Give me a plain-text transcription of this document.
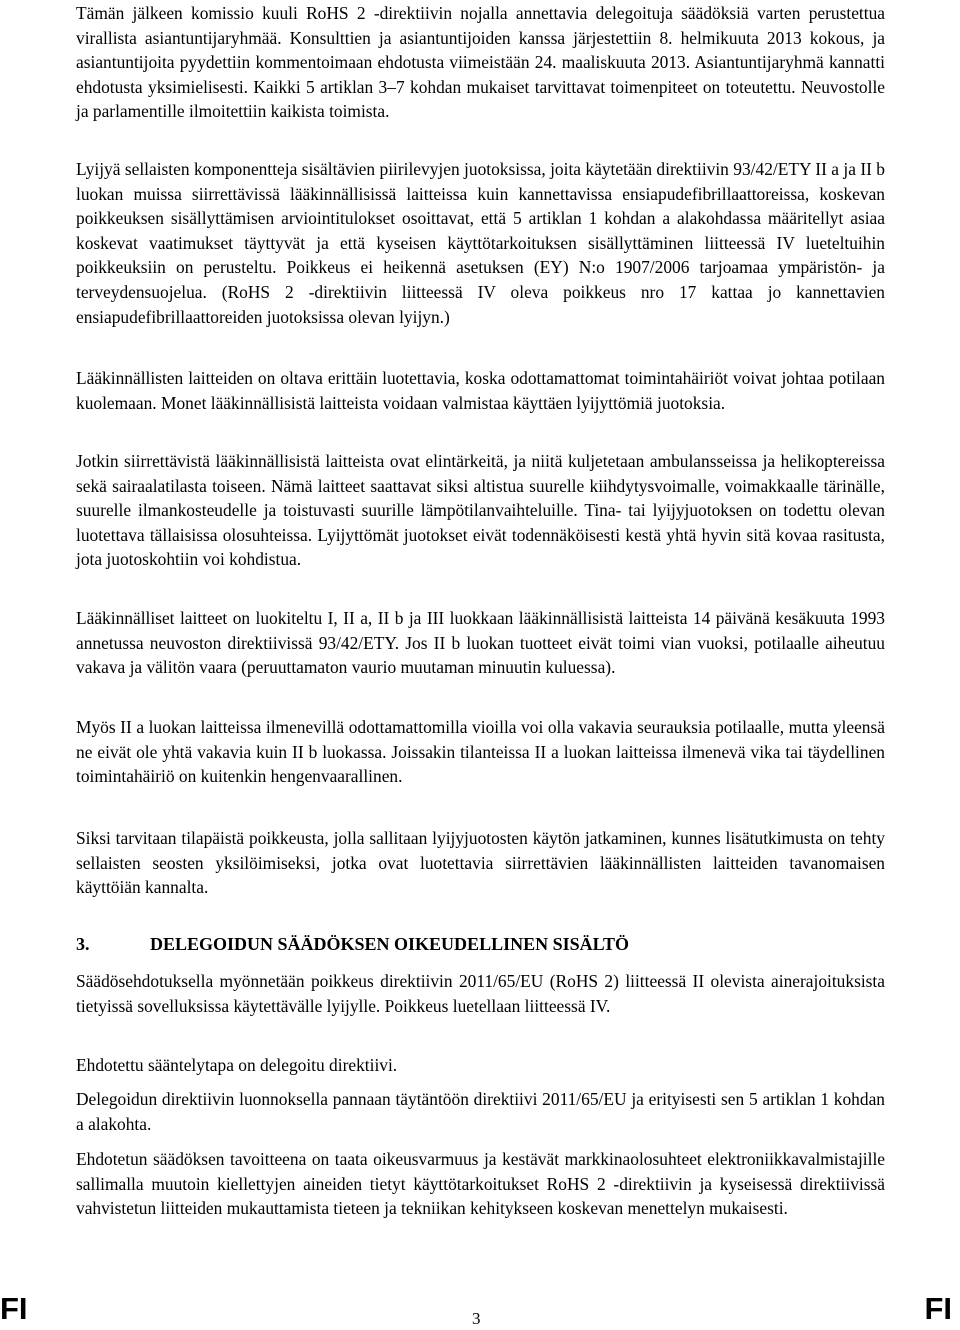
Tämän jälkeen komissio kuuli RoHS 2 -direktiivin nojalla annettavia delegoituja säädöksiä varten perustettua virallista asiantuntijaryhmää. Konsulttien ja asiantuntijoiden kanssa järjestettiin 8. helmikuuta 2013 kokous, ja asiantuntijoita pyydettiin kommentoimaan ehdotusta viimeistään 24. maaliskuuta 2013. Asiantuntijaryhmä kannatti ehdotusta yksimielisesti. Kaikki 5 artiklan 3–7 kohdan mukaiset tarvittavat toimenpiteet on toteutettu. Neuvostolle ja parlamentille ilmoitettiin kaikista toimista.

Lyijyä sellaisten komponentteja sisältävien piirilevyjen juotoksissa, joita käytetään direktiivin 93/42/ETY II a ja II b luokan muissa siirrettävissä lääkinnällisissä laitteissa kuin kannettavissa ensiapudefibrillaattoreissa, koskevan poikkeuksen sisällyttämisen arviointitulokset osoittavat, että 5 artiklan 1 kohdan a alakohdassa määritellyt asiaa koskevat vaatimukset täyttyvät ja että kyseisen käyttötarkoituksen sisällyttäminen liitteessä IV lueteltuihin poikkeuksiin on perusteltu. Poikkeus ei heikennä asetuksen (EY) N:o 1907/2006 tarjoamaa ympäristön- ja terveydensuojelua. (RoHS 2 -direktiivin liitteessä IV oleva poikkeus nro 17 kattaa jo kannettavien ensiapudefibrillaattoreiden juotoksissa olevan lyijyn.)

Lääkinnällisten laitteiden on oltava erittäin luotettavia, koska odottamattomat toimintahäiriöt voivat johtaa potilaan kuolemaan. Monet lääkinnällisistä laitteista voidaan valmistaa käyttäen lyijyttömiä juotoksia.

Jotkin siirrettävistä lääkinnällisistä laitteista ovat elintärkeitä, ja niitä kuljetetaan ambulansseissa ja helikoptereissa sekä sairaalatilasta toiseen. Nämä laitteet saattavat siksi altistua suurelle kiihdytysvoimalle, voimakkaalle tärinälle, suurelle ilmankosteudelle ja toistuvasti suurille lämpötilanvaihteluille. Tina- tai lyijyjuotoksen on todettu olevan luotettava tällaisissa olosuhteissa. Lyijyttömät juotokset eivät todennäköisesti kestä yhtä hyvin sitä kovaa rasitusta, jota juotoskohtiin voi kohdistua.

Lääkinnälliset laitteet on luokiteltu I, II a, II b ja III luokkaan lääkinnällisistä laitteista 14 päivänä kesäkuuta 1993 annetussa neuvoston direktiivissä 93/42/ETY. Jos II b luokan tuotteet eivät toimi vian vuoksi, potilaalle aiheutuu vakava ja välitön vaara (peruuttamaton vaurio muutaman minuutin kuluessa).

Myös II a luokan laitteissa ilmenevillä odottamattomilla vioilla voi olla vakavia seurauksia potilaalle, mutta yleensä ne eivät ole yhtä vakavia kuin II b luokassa. Joissakin tilanteissa II a luokan laitteissa ilmenevä vika tai täydellinen toimintahäiriö on kuitenkin hengenvaarallinen.

Siksi tarvitaan tilapäistä poikkeusta, jolla sallitaan lyijyjuotosten käytön jatkaminen, kunnes lisätutkimusta on tehty sellaisten seosten yksilöimiseksi, jotka ovat luotettavia siirrettävien lääkinnällisten laitteiden tavanomaisen käyttöiän kannalta.

3.	DELEGOIDUN SÄÄDÖKSEN OIKEUDELLINEN SISÄLTÖ

Säädösehdotuksella myönnetään poikkeus direktiivin 2011/65/EU (RoHS 2) liitteessä II olevista ainerajoituksista tietyissä sovelluksissa käytettävälle lyijylle. Poikkeus luetellaan liitteessä IV.

Ehdotettu sääntelytapa on delegoitu direktiivi.

Delegoidun direktiivin luonnoksella pannaan täytäntöön direktiivi 2011/65/EU ja erityisesti sen 5 artiklan 1 kohdan a alakohta.

Ehdotetun säädöksen tavoitteena on taata oikeusvarmuus ja kestävät markkinaolosuhteet elektroniikkavalmistajille sallimalla muutoin kiellettyjen aineiden tietyt käyttötarkoitukset RoHS 2 -direktiivin ja kyseisessä direktiivissä vahvistetun liitteiden mukauttamista tieteen ja tekniikan kehitykseen koskevan menettelyn mukaisesti.

FI	3	FI
